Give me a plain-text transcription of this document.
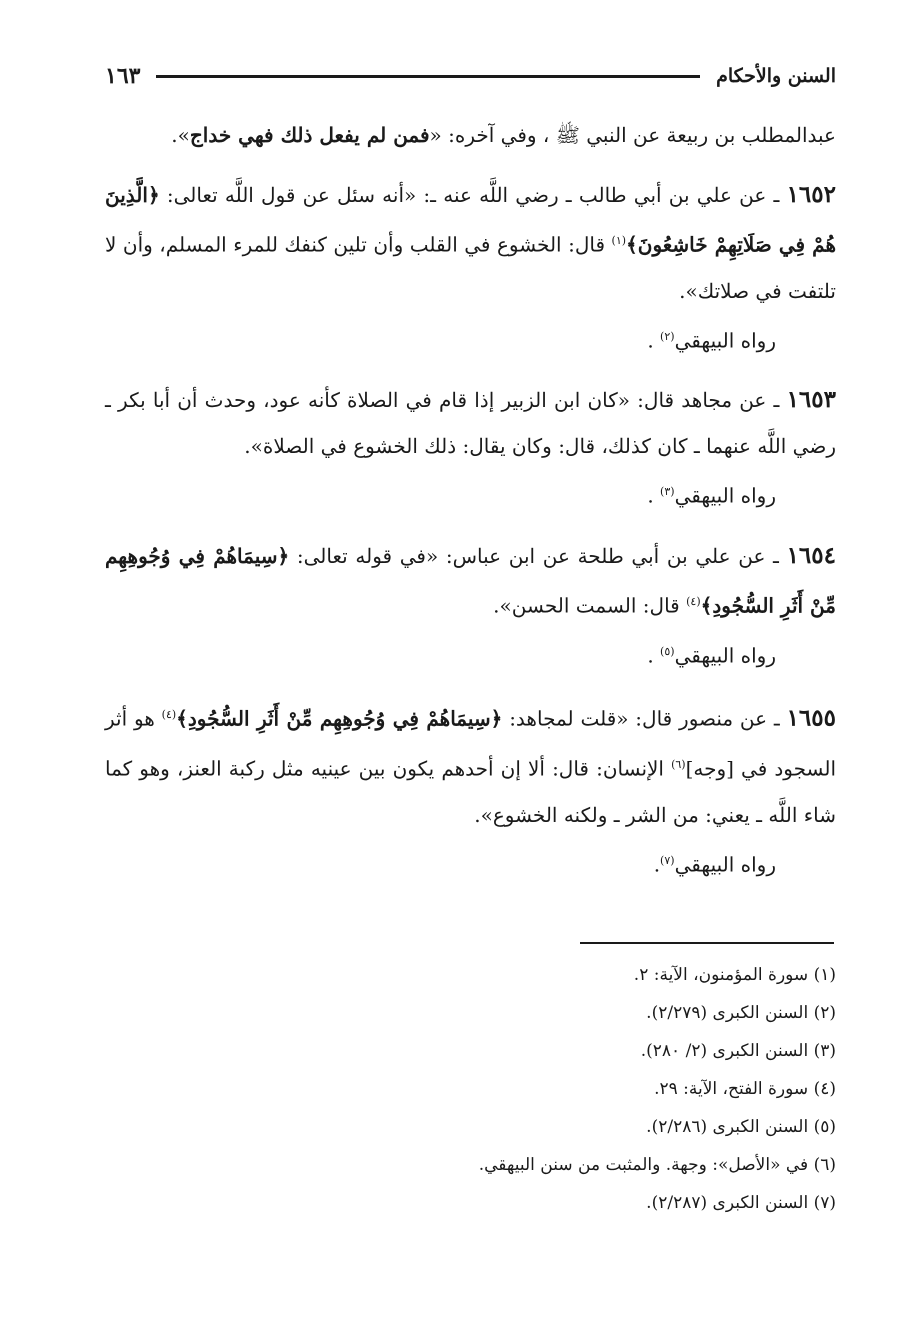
السنن والأحكام
١٦٣

عبدالمطلب بن ربيعة عن النبي ﷺ ، وفي آخره: «فمن لم يفعل ذلك فهي خداج».

١٦٥٢ ـ عن علي بن أبي طالب ـ رضي اللَّه عنه ـ: «أنه سئل عن قول اللَّه تعالى: ﴿الَّذِينَ هُمْ فِي صَلَاتِهِمْ خَاشِعُونَ﴾$^{(١)}$ قال: الخشوع في القلب وأن تلين كنفك للمرء المسلم، وأن لا تلتفت في صلاتك».

رواه البيهقي$^{(٢)}$ .

١٦٥٣ ـ عن مجاهد قال: «كان ابن الزبير إذا قام في الصلاة كأنه عود، وحدث أن أبا بكر ـ رضي اللَّه عنهما ـ كان كذلك، قال: وكان يقال: ذلك الخشوع في الصلاة».

رواه البيهقي$^{(٣)}$ .

١٦٥٤ ـ عن علي بن أبي طلحة عن ابن عباس: «في قوله تعالى: ﴿سِيمَاهُمْ فِي وُجُوهِهِم مِّنْ أَثَرِ السُّجُودِ﴾$^{(٤)}$ قال: السمت الحسن».

رواه البيهقي$^{(٥)}$ .

١٦٥٥ ـ عن منصور قال: «قلت لمجاهد: ﴿سِيمَاهُمْ فِي وُجُوهِهِم مِّنْ أَثَرِ السُّجُودِ﴾$^{(٤)}$ هو أثر السجود في [وجه]$^{(٦)}$ الإنسان: قال: ألا إن أحدهم يكون بين عينيه مثل ركبة العنز، وهو كما شاء اللَّه ـ يعني: من الشر ـ ولكنه الخشوع».

رواه البيهقي$^{(٧)}$.

(١) سورة المؤمنون، الآية: ٢.
(٢) السنن الكبرى (٢/٢٧٩).
(٣) السنن الكبرى (٢/ ٢٨٠).
(٤) سورة الفتح، الآية: ٢٩.
(٥) السنن الكبرى (٢/٢٨٦).
(٦) في «الأصل»: وجهة. والمثبت من سنن البيهقي.
(٧) السنن الكبرى (٢/٢٨٧).
